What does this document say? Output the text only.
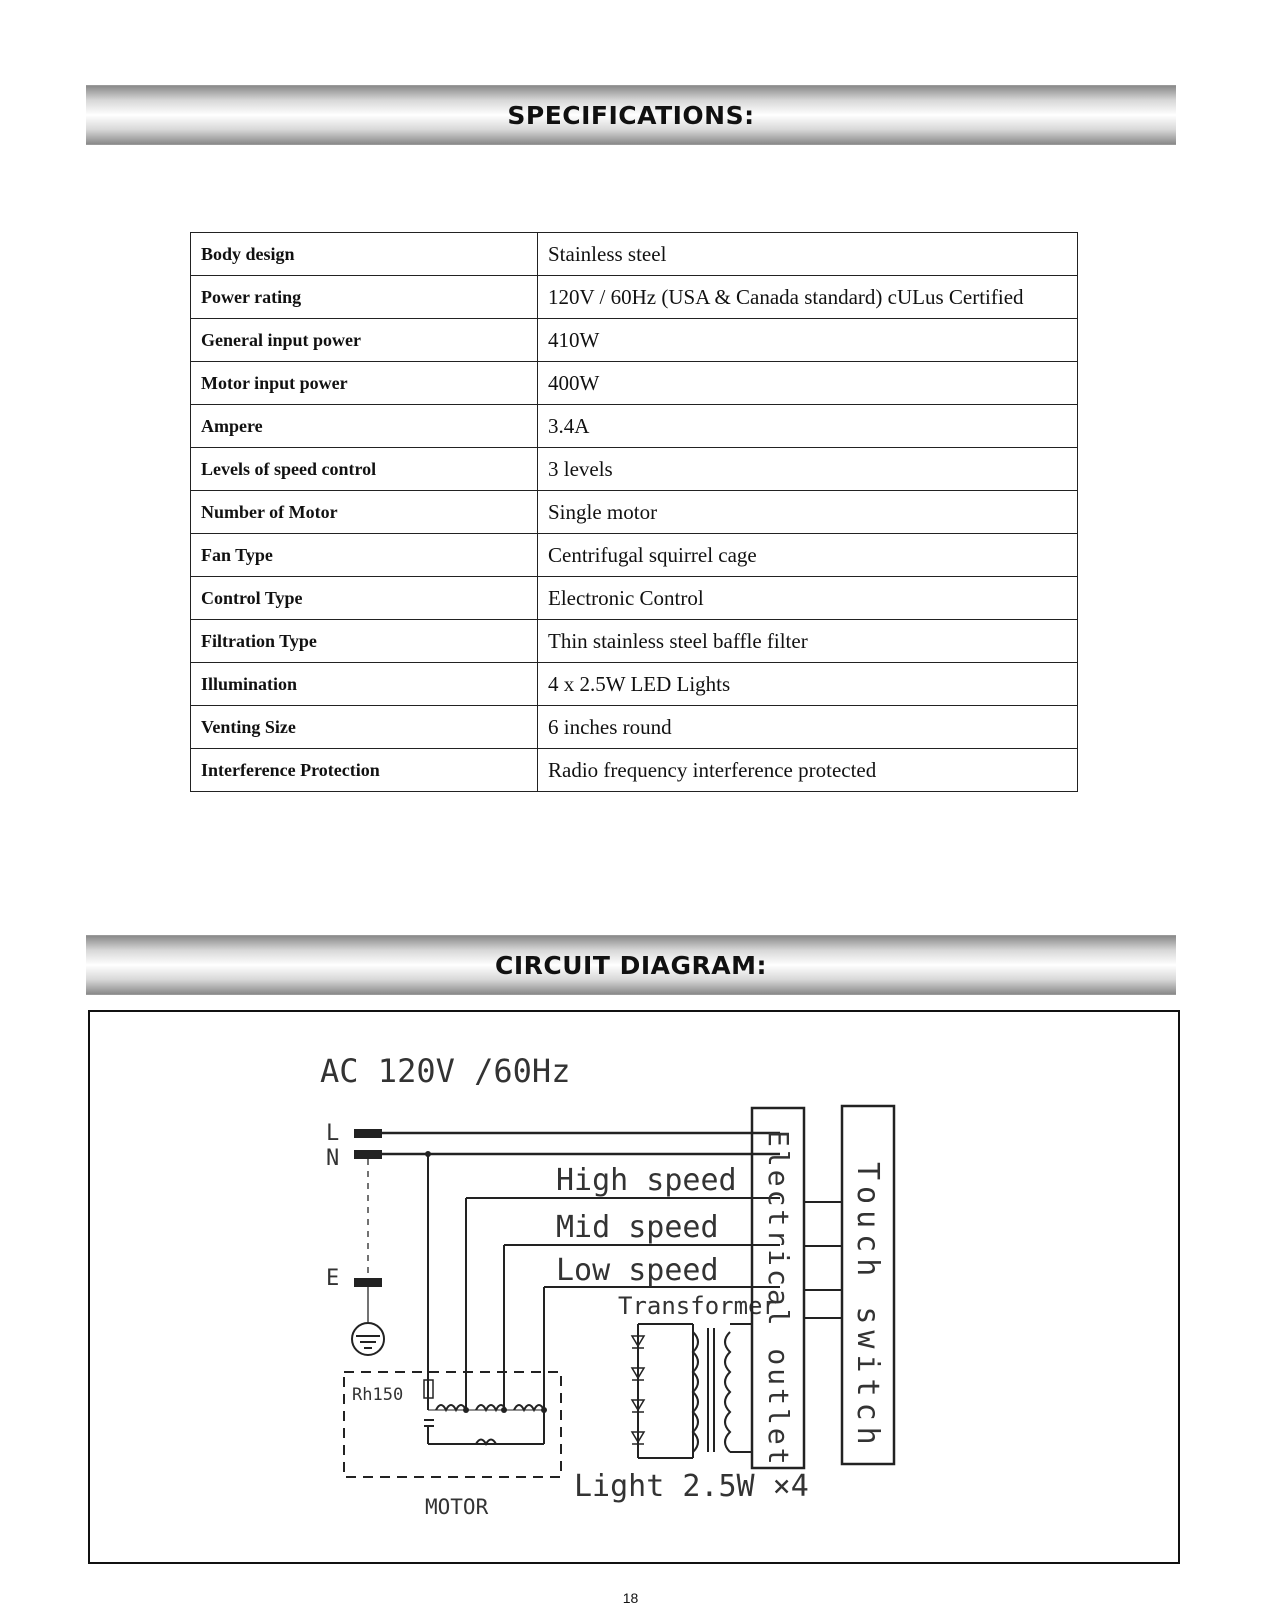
SPECIFICATIONS:
Body design	Stainless steel
Power rating	120V / 60Hz (USA & Canada standard) cULus Certified
General input power	410W
Motor input power	400W
Ampere	3.4A
Levels of speed control	3 levels
Number of Motor	Single motor
Fan Type	Centrifugal squirrel cage
Control Type	Electronic Control
Filtration Type	Thin stainless steel baffle filter
Illumination	4 x 2.5W LED Lights
Venting Size	6 inches round
Interference Protection	Radio frequency interference protected
CIRCUIT DIAGRAM:
AC 120V /60Hz
L
N
E
High speed
Mid speed
Low speed
Rh150
MOTOR
Transformer
Light 2.5W ×4
Electrical outlet Touch switch
18
